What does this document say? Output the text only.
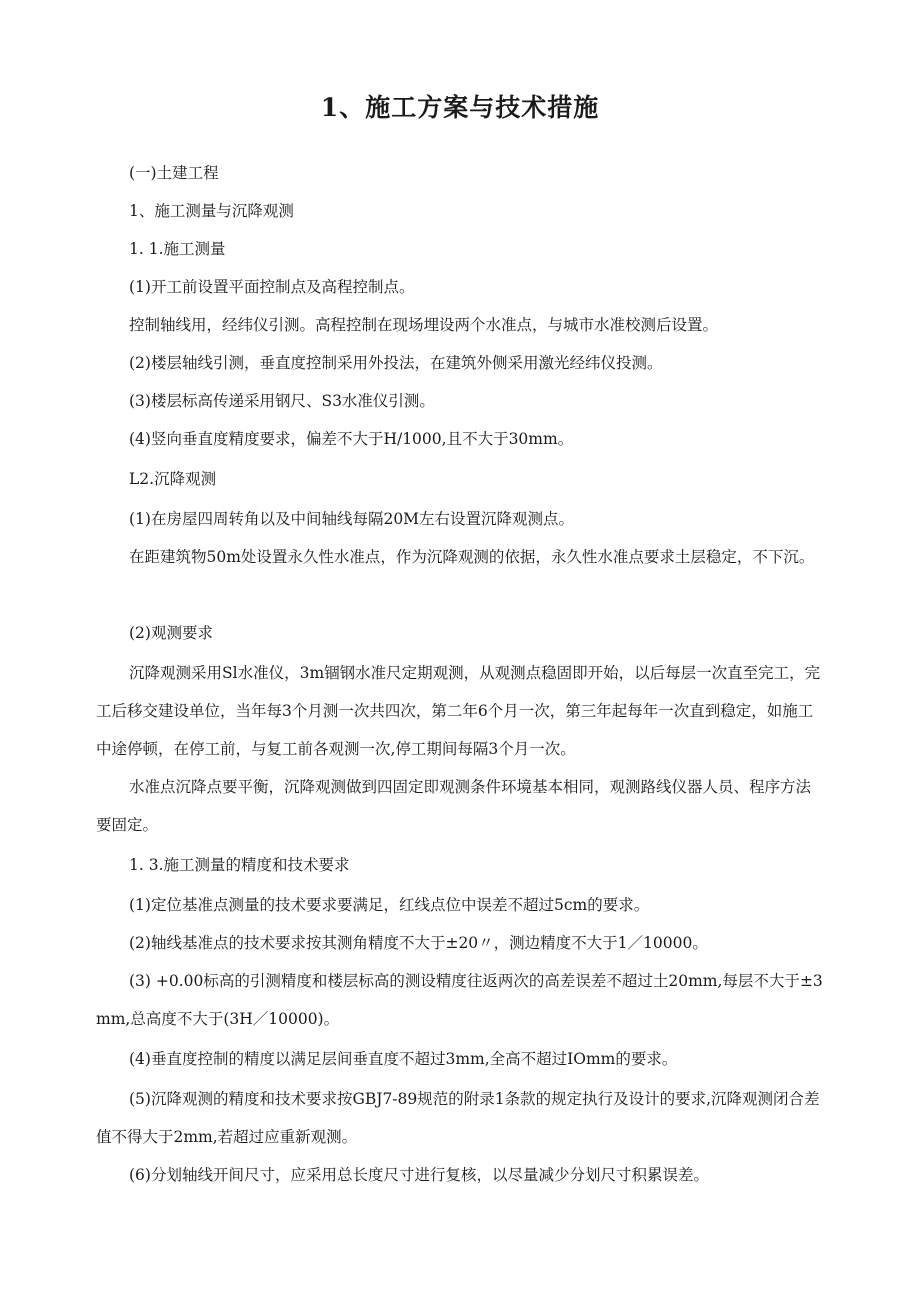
1、施工方案与技术措施

(一)土建工程

1、施工测量与沉降观测

1. 1.施工测量

(1)开工前设置平面控制点及高程控制点。

控制轴线用，经纬仪引测。高程控制在现场埋设两个水准点，与城市水准校测后设置。

(2)楼层轴线引测，垂直度控制采用外投法，在建筑外侧采用激光经纬仪投测。

(3)楼层标高传递采用钢尺、S3水准仪引测。

(4)竖向垂直度精度要求，偏差不大于H/1000,且不大于30mm。

L2.沉降观测

(1)在房屋四周转角以及中间轴线每隔20M左右设置沉降观测点。

在距建筑物50m处设置永久性水准点，作为沉降观测的依据，永久性水准点要求土层稳定，不下沉。

(2)观测要求

沉降观测采用Sl水准仪，3m锢钢水准尺定期观测，从观测点稳固即开始，以后每层一次直至完工，完工后移交建设单位，当年每3个月测一次共四次，第二年6个月一次，第三年起每年一次直到稳定，如施工中途停顿，在停工前，与复工前各观测一次,停工期间每隔3个月一次。

水准点沉降点要平衡，沉降观测做到四固定即观测条件环境基本相同，观测路线仪器人员、程序方法要固定。

1. 3.施工测量的精度和技术要求

(1)定位基准点测量的技术要求要满足，红线点位中误差不超过5cm的要求。

(2)轴线基准点的技术要求按其测角精度不大于±20〃，测边精度不大于1／10000。

(3) +0.00标高的引测精度和楼层标高的测设精度往返两次的高差误差不超过土20mm,每层不大于±3mm,总高度不大于(3H／10000)。

(4)垂直度控制的精度以满足层间垂直度不超过3mm,全高不超过IOmm的要求。

(5)沉降观测的精度和技术要求按GBJ7-89规范的附录1条款的规定执行及设计的要求,沉降观测闭合差值不得大于2mm,若超过应重新观测。

(6)分划轴线开间尺寸，应采用总长度尺寸进行复核，以尽量减少分划尺寸积累误差。
